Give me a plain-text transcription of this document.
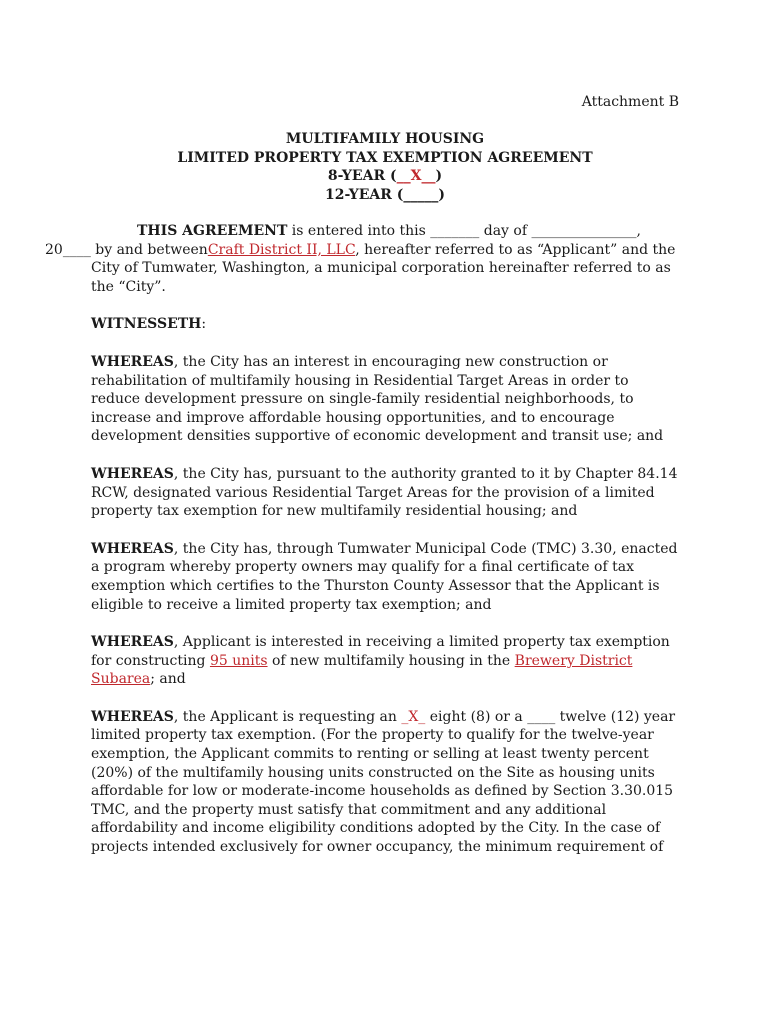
Attachment B
MULTIFAMILY HOUSING
LIMITED PROPERTY TAX EXEMPTION AGREEMENT
8-YEAR (__X__)
12-YEAR (_____)

THIS AGREEMENT is entered into this _______ day of _______________,
20____ by and betweenCraft District II, LLC, hereafter referred to as “Applicant” and the City of Tumwater, Washington, a municipal corporation hereinafter referred to as the “City”.

WITNESSETH:

WHEREAS, the City has an interest in encouraging new construction or rehabilitation of multifamily housing in Residential Target Areas in order to reduce development pressure on single-family residential neighborhoods, to increase and improve affordable housing opportunities, and to encourage development densities supportive of economic development and transit use; and

WHEREAS, the City has, pursuant to the authority granted to it by Chapter 84.14 RCW, designated various Residential Target Areas for the provision of a limited property tax exemption for new multifamily residential housing; and

WHEREAS, the City has, through Tumwater Municipal Code (TMC) 3.30, enacted a program whereby property owners may qualify for a final certificate of tax exemption which certifies to the Thurston County Assessor that the Applicant is eligible to receive a limited property tax exemption; and

WHEREAS, Applicant is interested in receiving a limited property tax exemption for constructing 95 units of new multifamily housing in the Brewery District Subarea; and

WHEREAS, the Applicant is requesting an _X_ eight (8) or a ____ twelve (12) year limited property tax exemption. (For the property to qualify for the twelve-year exemption, the Applicant commits to renting or selling at least twenty percent (20%) of the multifamily housing units constructed on the Site as housing units affordable for low or moderate-income households as defined by Section 3.30.015 TMC, and the property must satisfy that commitment and any additional affordability and income eligibility conditions adopted by the City. In the case of projects intended exclusively for owner occupancy, the minimum requirement of
